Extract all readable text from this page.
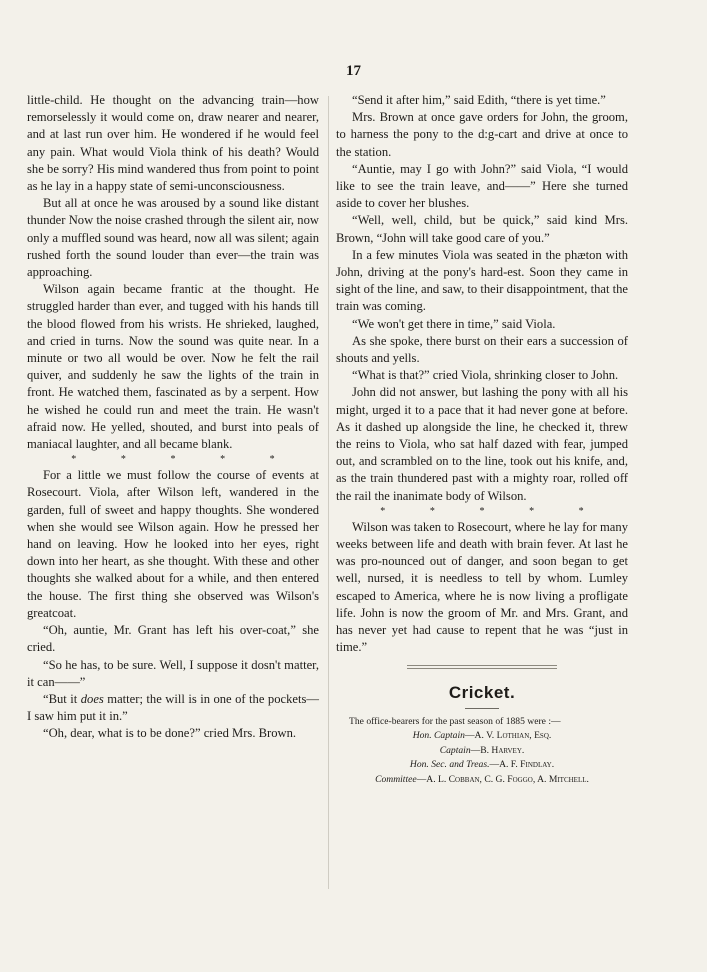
17

little-child. He thought on the advancing train—how remorselessly it would come on, draw nearer and nearer, and at last run over him. He wondered if he would feel any pain. What would Viola think of his death? Would she be sorry? His mind wandered thus from point to point as he lay in a happy state of semi-unconsciousness.

But all at once he was aroused by a sound like distant thunder Now the noise crashed through the silent air, now only a muffled sound was heard, now all was silent; again rushed forth the sound louder than ever—the train was approaching.

Wilson again became frantic at the thought. He struggled harder than ever, and tugged with his hands till the blood flowed from his wrists. He shrieked, laughed, and cried in turns. Now the sound was quite near. In a minute or two all would be over. Now he felt the rail quiver, and suddenly he saw the lights of the train in front. He watched them, fascinated as by a serpent. How he wished he could run and meet the train. He wasn't afraid now. He yelled, shouted, and burst into peals of maniacal laughter, and all became blank.

*	*	*	*	*

For a little we must follow the course of events at Rosecourt. Viola, after Wilson left, wandered in the garden, full of sweet and happy thoughts. She wondered when she would see Wilson again. How he pressed her hand on leaving. How he looked into her eyes, right down into her heart, as she thought. With these and other thoughts she walked about for a while, and then entered the house. The first thing she observed was Wilson's greatcoat.

“Oh, auntie, Mr. Grant has left his over-coat,” she cried.

“So he has, to be sure. Well, I suppose it dosn't matter, it can——”

“But it does matter; the will is in one of the pockets—I saw him put it in.”

“Oh, dear, what is to be done?” cried Mrs. Brown.

“Send it after him,” said Edith, “there is yet time.”

Mrs. Brown at once gave orders for John, the groom, to harness the pony to the d:g-cart and drive at once to the station.

“Auntie, may I go with John?” said Viola, “I would like to see the train leave, and——” Here she turned aside to cover her blushes.

“Well, well, child, but be quick,” said kind Mrs. Brown, “John will take good care of you.”

In a few minutes Viola was seated in the phæton with John, driving at the pony's hard-est. Soon they came in sight of the line, and saw, to their disappointment, that the train was coming.

“We won't get there in time,” said Viola.

As she spoke, there burst on their ears a succession of shouts and yells.

“What is that?” cried Viola, shrinking closer to John.

John did not answer, but lashing the pony with all his might, urged it to a pace that it had never gone at before. As it dashed up alongside the line, he checked it, threw the reins to Viola, who sat half dazed with fear, jumped out, and scrambled on to the line, took out his knife, and, as the train thundered past with a mighty roar, rolled off the rail the inanimate body of Wilson.

*	*	*	*	*

Wilson was taken to Rosecourt, where he lay for many weeks between life and death with brain fever. At last he was pro-nounced out of danger, and soon began to get well, nursed, it is needless to tell by whom. Lumley escaped to America, where he is now living a profligate life. John is now the groom of Mr. and Mrs. Grant, and has never yet had cause to repent that he was “just in time.”

Cricket.
The office-bearers for the past season of 1885 were :—
Hon. Captain—A. V. Lothian, Esq.
Captain—B. Harvey.
Hon. Sec. and Treas.—A. F. Findlay.
Committee—A. L. Cobban, C. G. Foggo, A. Mitchell.
